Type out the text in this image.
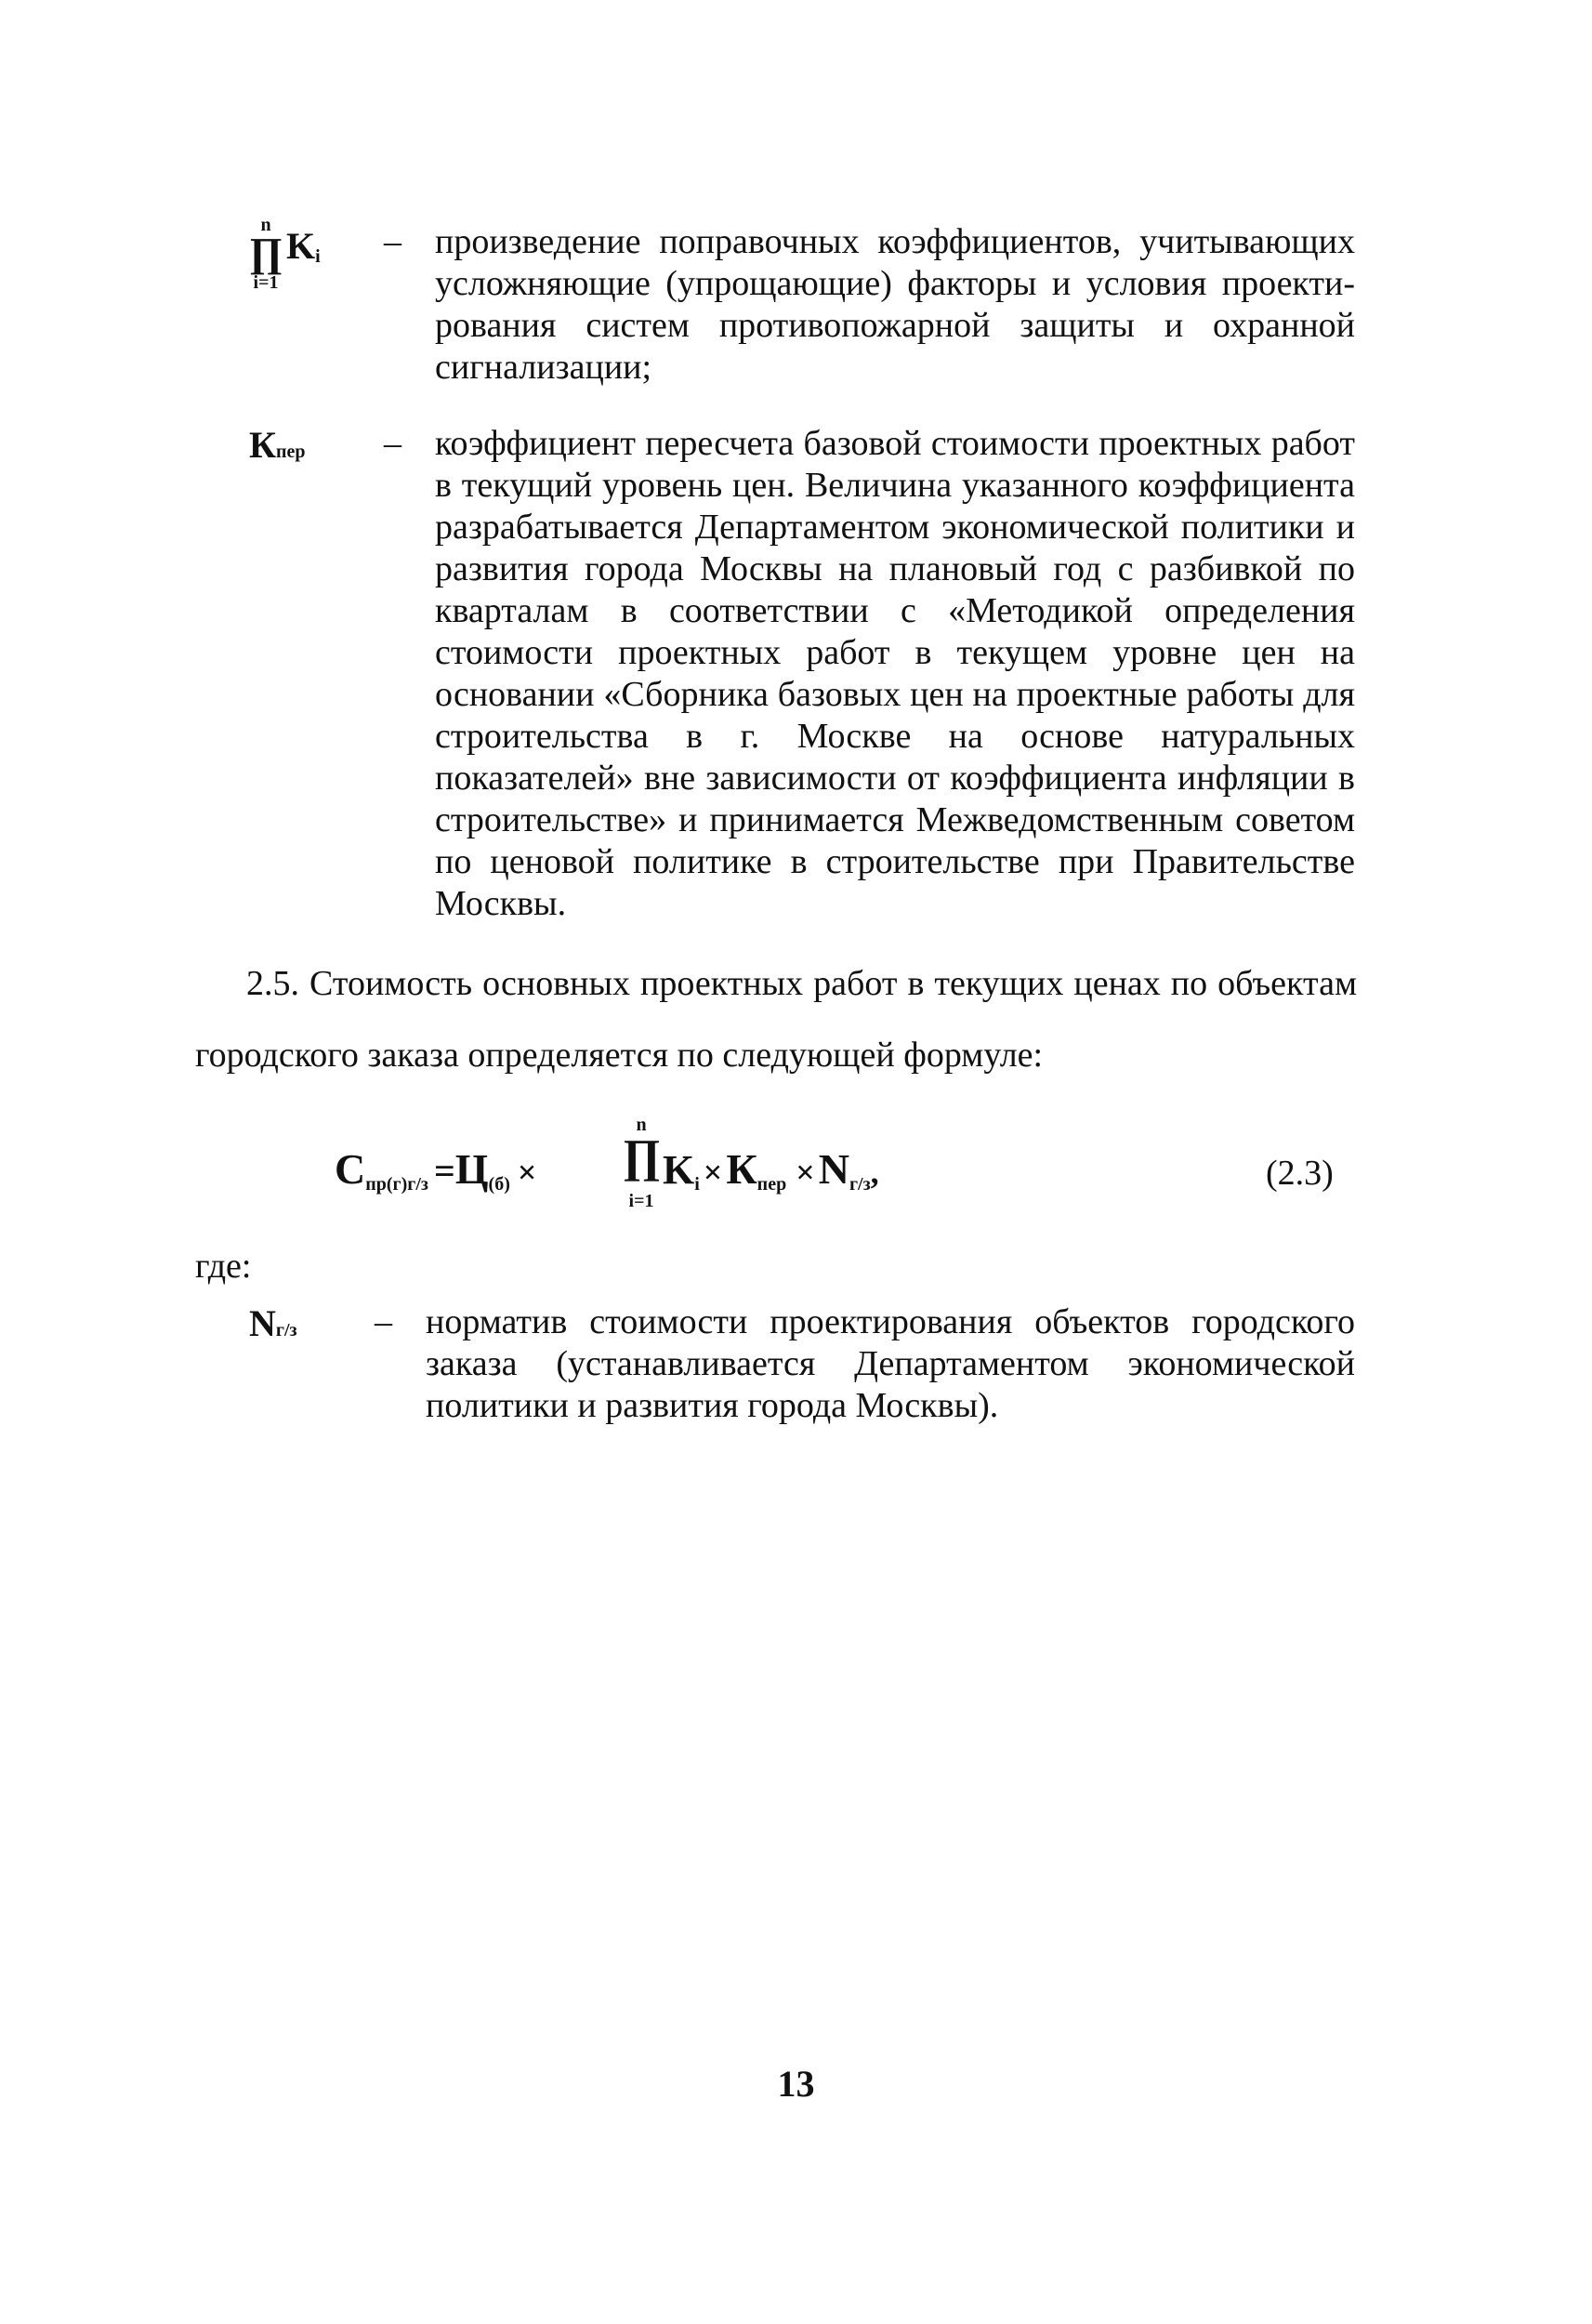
n
∏
i=1
Ki	– произведение поправочных коэффициентов, учитывающих усложняющие (упрощающие) факторы и условия проектирования систем противопожарной защиты и охранной сигнализации;
Кпер	– коэффициент пересчета базовой стоимости проектных работ в текущий уровень цен. Величина указанного коэффициента разрабатывается Департаментом экономической политики и развития города Москвы на плановый год с разбивкой по кварталам в соответствии с «Методикой определения стоимости проектных работ в текущем уровне цен на основании «Сборника базовых цен на проектные работы для строительства в г. Москве на основе натуральных показателей» вне зависимости от коэффициента инфляции в строительстве» и принимается Межведомственным советом по ценовой политике в строительстве при Правительстве Москвы.
2.5. Стоимость основных проектных работ в текущих ценах по объектам городского заказа определяется по следующей формуле:
Спр(г)г/з =Ц(б) ×
n
∏
i=1
Ki × Кпер × Nг/з,	(2.3)
где:
Nг/з	– норматив стоимости проектирования объектов городского заказа (устанавливается Департаментом экономической политики и развития города Москвы).
13
